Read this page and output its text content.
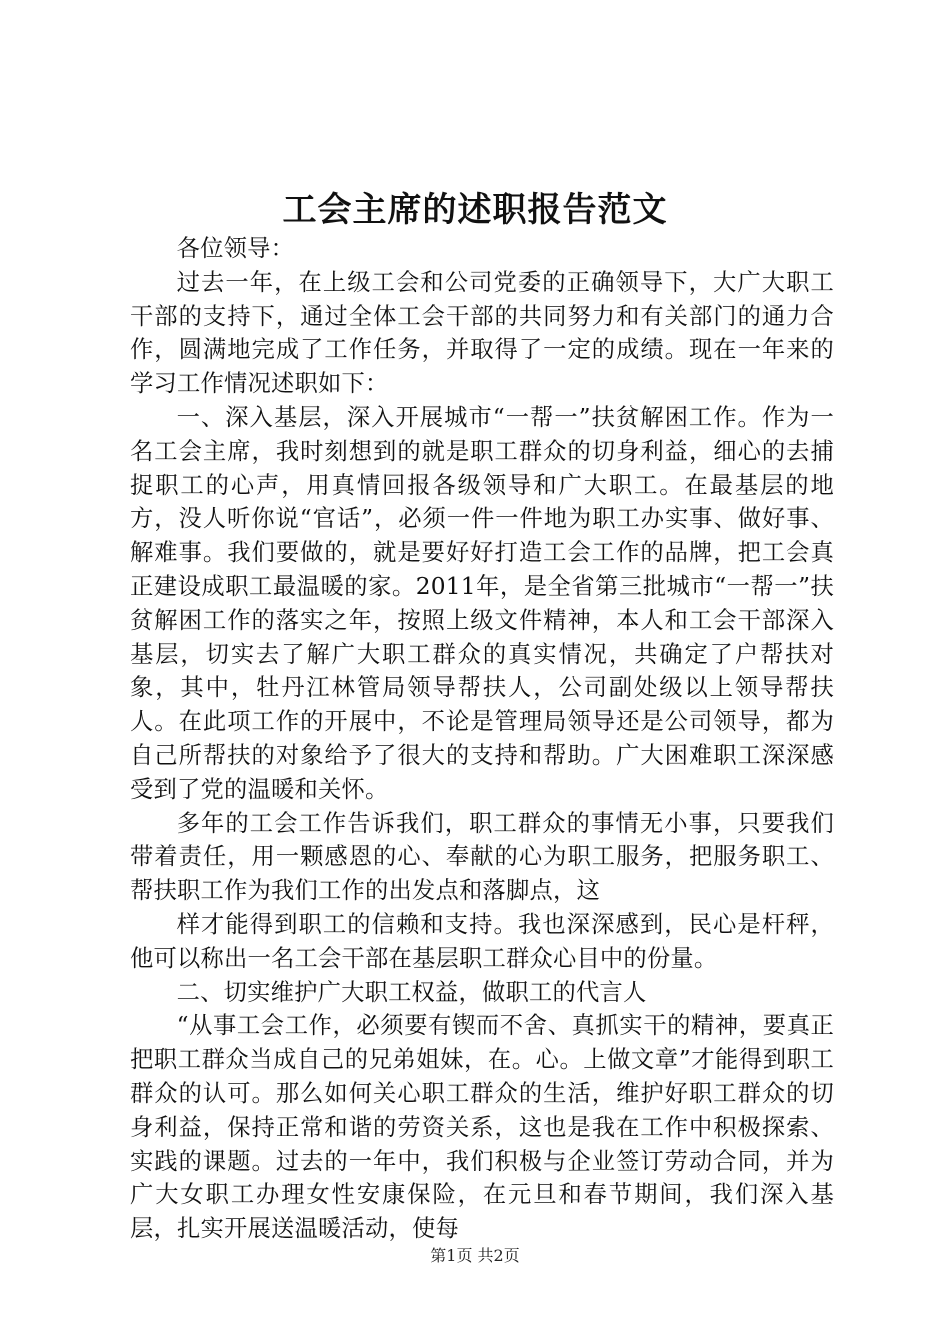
工会主席的述职报告范文

各位领导：

过去一年，在上级工会和公司党委的正确领导下，大广大职工干部的支持下，通过全体工会干部的共同努力和有关部门的通力合作，圆满地完成了工作任务，并取得了一定的成绩。现在一年来的学习工作情况述职如下：

一、深入基层，深入开展城市“一帮一”扶贫解困工作。作为一名工会主席，我时刻想到的就是职工群众的切身利益，细心的去捕捉职工的心声，用真情回报各级领导和广大职工。在最基层的地方，没人听你说“官话”，必须一件一件地为职工办实事、做好事、解难事。我们要做的，就是要好好打造工会工作的品牌，把工会真正建设成职工最温暖的家。2011年，是全省第三批城市“一帮一”扶贫解困工作的落实之年，按照上级文件精神，本人和工会干部深入基层，切实去了解广大职工群众的真实情况，共确定了户帮扶对象，其中，牡丹江林管局领导帮扶人，公司副处级以上领导帮扶人。在此项工作的开展中，不论是管理局领导还是公司领导，都为自己所帮扶的对象给予了很大的支持和帮助。广大困难职工深深感受到了党的温暖和关怀。

多年的工会工作告诉我们，职工群众的事情无小事，只要我们带着责任，用一颗感恩的心、奉献的心为职工服务，把服务职工、帮扶职工作为我们工作的出发点和落脚点，这

样才能得到职工的信赖和支持。我也深深感到，民心是杆秤，他可以称出一名工会干部在基层职工群众心目中的份量。

二、切实维护广大职工权益，做职工的代言人

“从事工会工作，必须要有锲而不舍、真抓实干的精神，要真正把职工群众当成自己的兄弟姐妹，在。心。上做文章”才能得到职工群众的认可。那么如何关心职工群众的生活，维护好职工群众的切身利益，保持正常和谐的劳资关系，这也是我在工作中积极探索、实践的课题。过去的一年中，我们积极与企业签订劳动合同，并为广大女职工办理女性安康保险，在元旦和春节期间，我们深入基层，扎实开展送温暖活动，使每

第1页 共2页
